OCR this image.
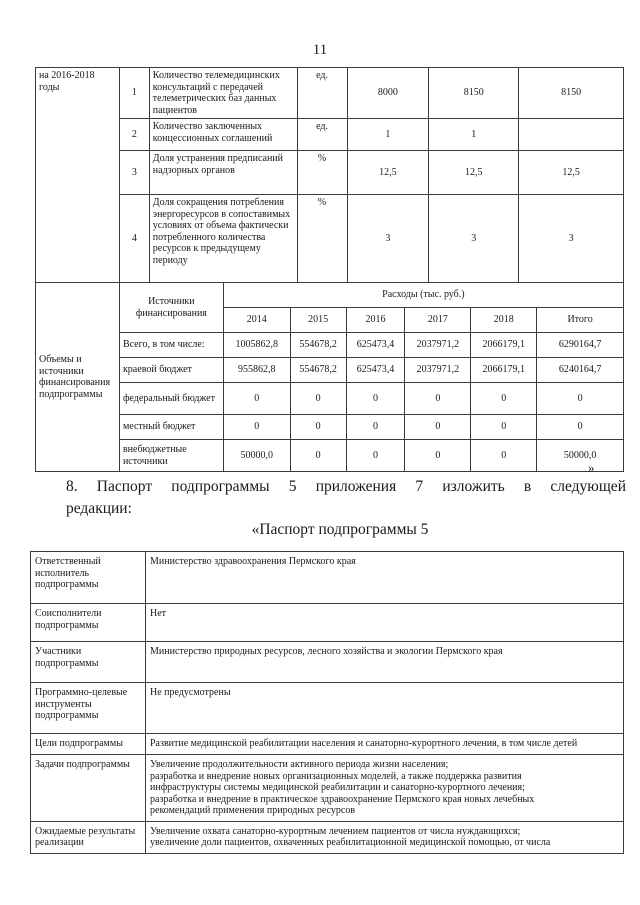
11
на 2016-2018 годы	1	Количество телемедицинских консультаций с передачей телеметрических баз данных пациентов	ед.	8000	8150	8150
	2	Количество заключенных концессионных соглашений	ед.	1	1	
	3	Доля устранения предписаний надзорных органов	%	12,5	12,5	12,5
	4	Доля сокращения потребления энергоресурсов в сопоставимых условиях от объема фактически потребленного количества ресурсов к предыдущему периоду	%	3	3	3
Объемы и источники финансирования подпрограммы	Источники финансирования	Расходы (тыс. руб.)					
		2014	2015	2016	2017	2018	Итого
	Всего, в том числе:	1005862,8	554678,2	625473,4	2037971,2	2066179,1	6290164,7
	краевой бюджет	955862,8	554678,2	625473,4	2037971,2	2066179,1	6240164,7
	федеральный бюджет	0	0	0	0	0	0
	местный бюджет	0	0	0	0	0	0
	внебюджетные источники	50000,0	0	0	0	0	50000,0
»
8. Паспорт подпрограммы 5 приложения 7 изложить в следующей
редакции:
«Паспорт подпрограммы 5
Ответственный исполнитель подпрограммы	Министерство здравоохранения Пермского края
Соисполнители подпрограммы	Нет
Участники подпрограммы	Министерство природных ресурсов, лесного хозяйства и экологии Пермского края
Программно-целевые инструменты подпрограммы	Не предусмотрены
Цели подпрограммы	Развитие медицинской реабилитации населения и санаторно-курортного лечения, в том числе детей
Задачи подпрограммы	Увеличение продолжительности активного периода жизни населения;
разработка и внедрение новых организационных моделей, а также поддержка развития
инфраструктуры системы медицинской реабилитации и санаторно-курортного лечения;
разработка и внедрение в практическое здравоохранение Пермского края новых лечебных
рекомендаций применения природных ресурсов

Ожидаемые результаты реализации	Увеличение охвата санаторно-курортным лечением пациентов от числа нуждающихся;
увеличение доли пациентов, охваченных реабилитационной медицинской помощью, от числа
